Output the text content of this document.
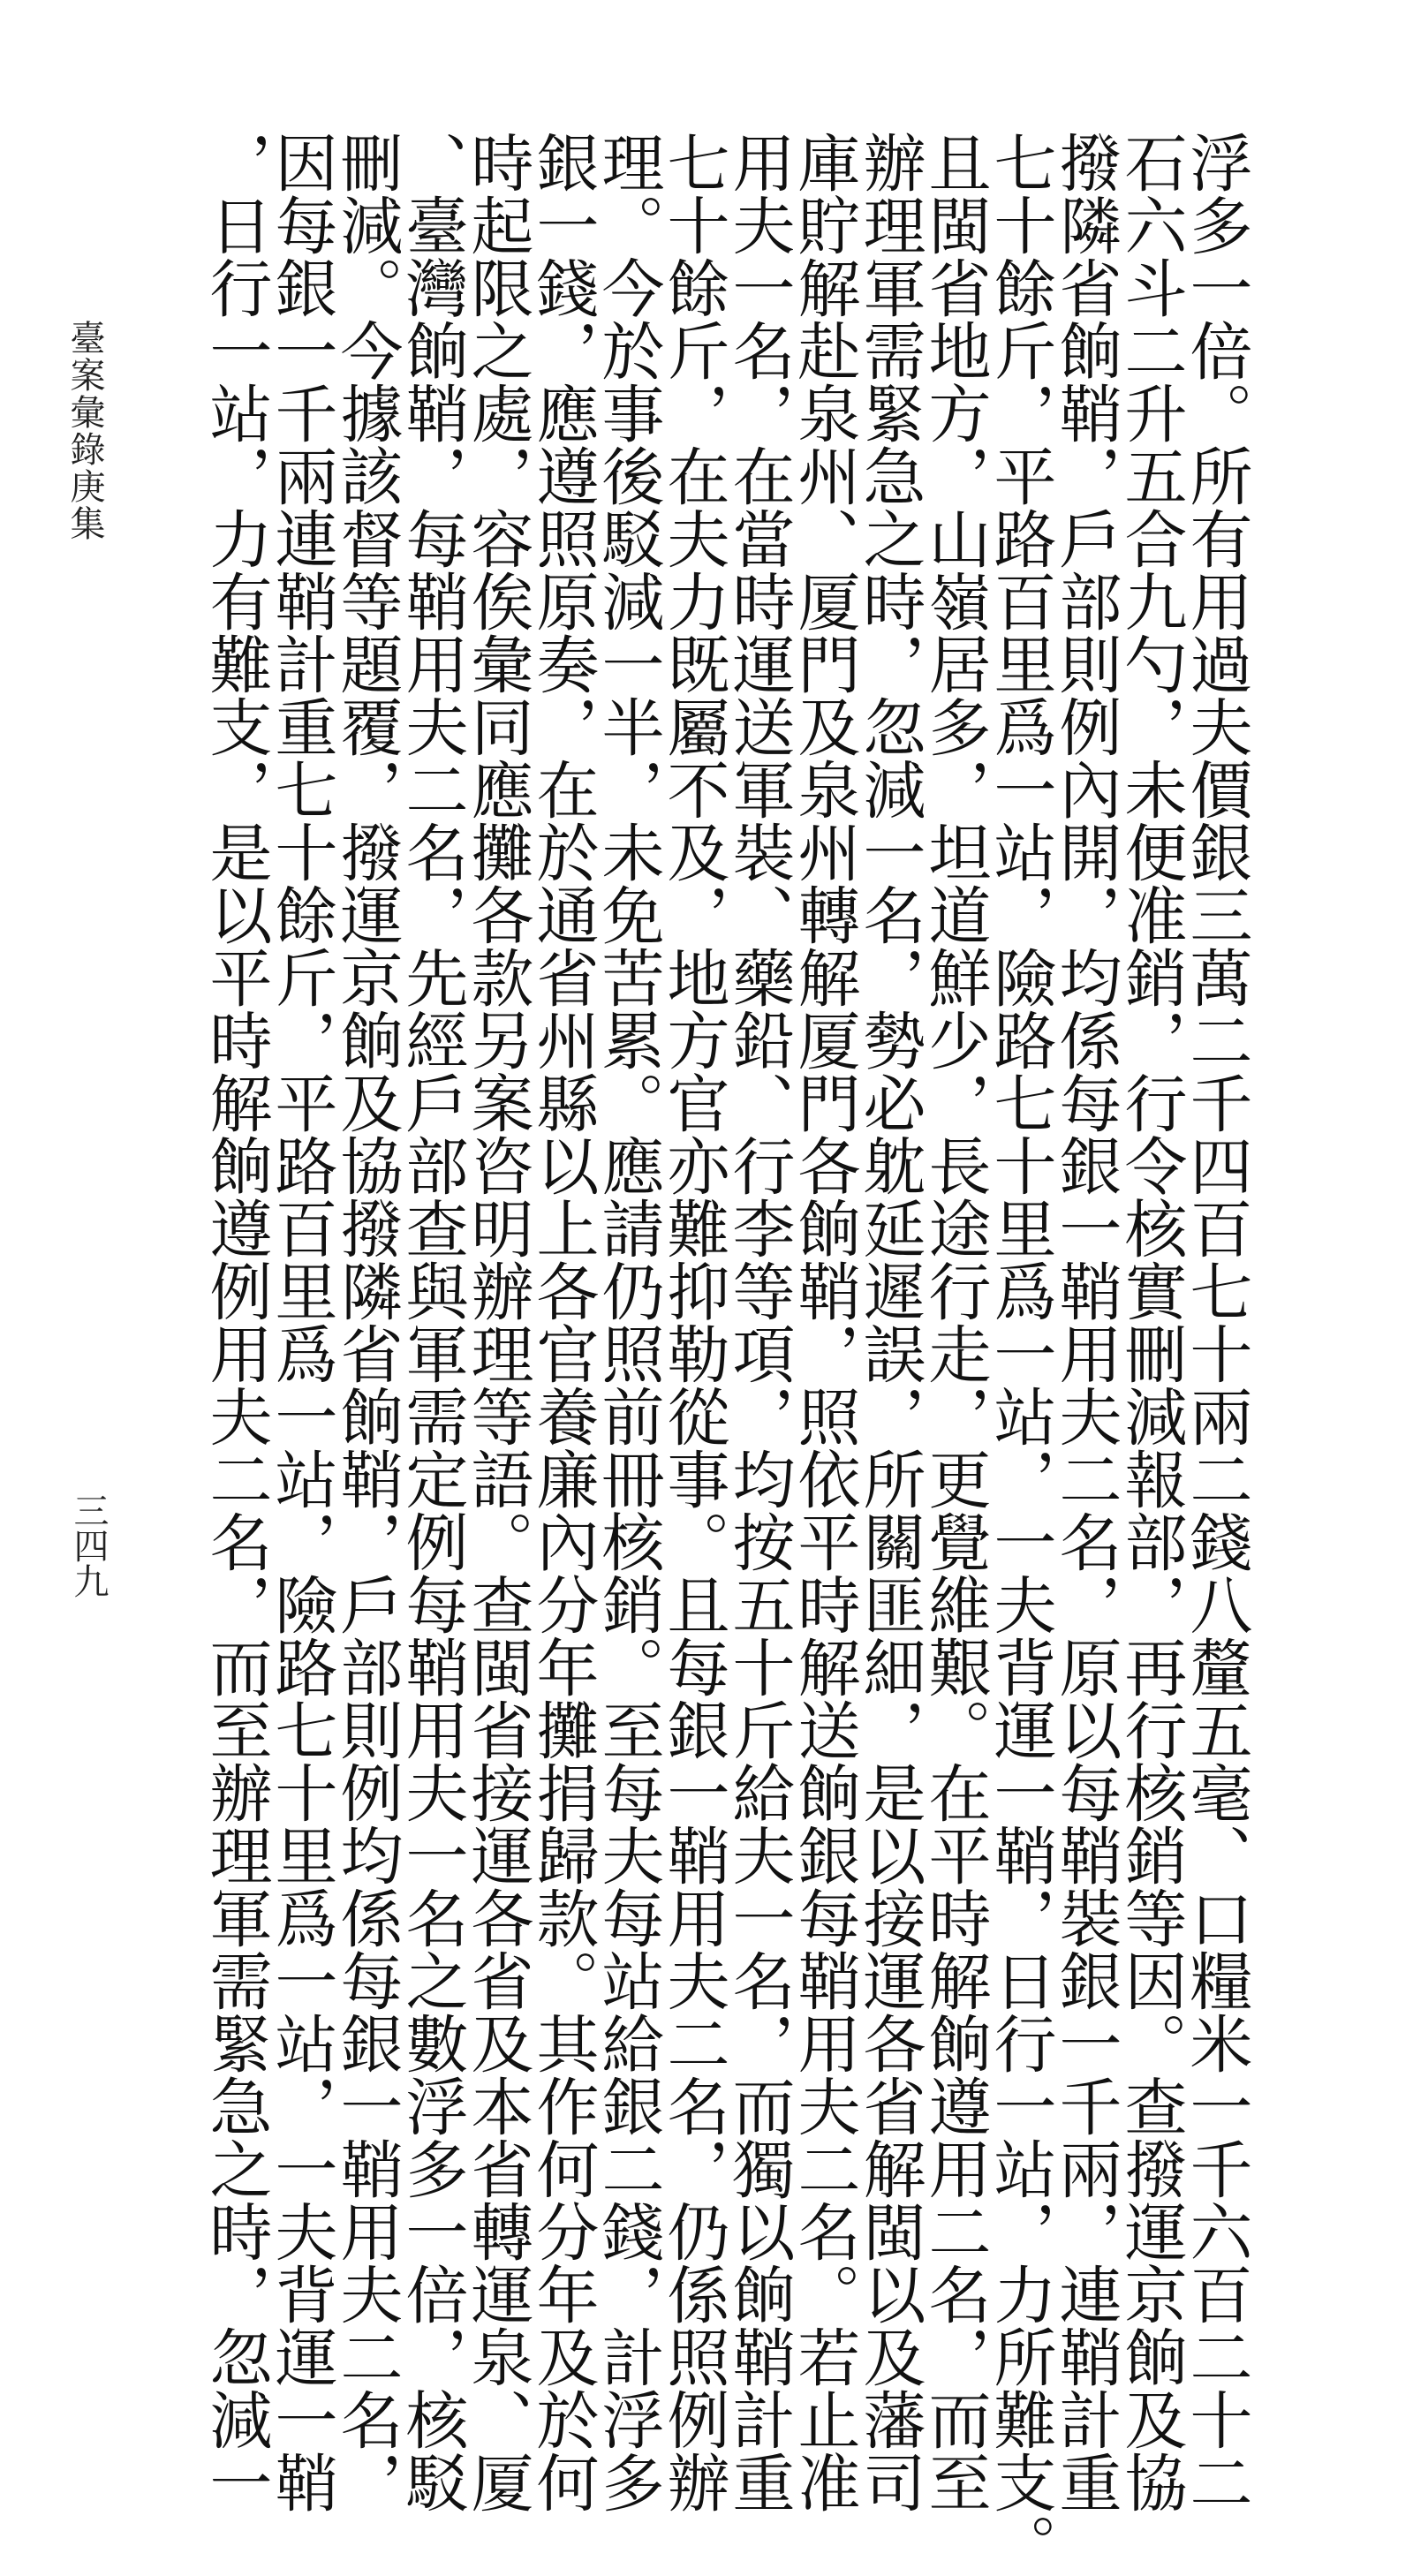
浮多一倍。所有用過夫價銀三萬二千四百七十兩二錢八釐五毫、口糧米一千六百二十二
石六斗二升五合九勺，未便准銷，行令核實刪減報部，再行核銷等因。查撥運京餉及協
撥隣省餉鞘，戶部則例內開，均係每銀一鞘用夫二名，原以每鞘裝銀一千兩，連鞘計重
七十餘斤，平路百里爲一站，險路七十里爲一站，一夫背運一鞘，日行一站，力所難支。
且閩省地方，山嶺居多，坦道鮮少，長途行走，更覺維艱。在平時解餉遵用二名，而至
辦理軍需緊急之時，忽減一名，勢必躭延遲誤，所關匪細，是以接運各省解閩以及藩司
庫貯解赴泉州、厦門及泉州轉解厦門各餉鞘，照依平時解送餉銀每鞘用夫二名。若止准
用夫一名，在當時運送軍裝、藥鉛、行李等項，均按五十斤給夫一名，而獨以餉鞘計重
七十餘斤，在夫力既屬不及，地方官亦難抑勒從事。且每銀一鞘用夫二名，仍係照例辦
理。今於事後駁減一半，未免苦累。應請仍照前冊核銷。至每夫每站給銀二錢，計浮多
銀一錢，應遵照原奏，在於通省州縣以上各官養廉內分年攤捐歸款。其作何分年及於何
時起限之處，容俟彙同應攤各款另案咨明辦理等語。查閩省接運各省及本省轉運泉、厦
、臺灣餉鞘，每鞘用夫二名，先經戶部查與軍需定例每鞘用夫一名之數浮多一倍，核駁
刪減。今據該督等題覆，撥運京餉及協撥隣省餉鞘，戶部則例均係每銀一鞘用夫二名，
因每銀一千兩連鞘計重七十餘斤，平路百里爲一站，險路七十里爲一站，一夫背運一鞘
，日行一站，力有難支，是以平時解餉遵例用夫二名，而至辦理軍需緊急之時，忽減一
臺案彙錄庚集
三四九
